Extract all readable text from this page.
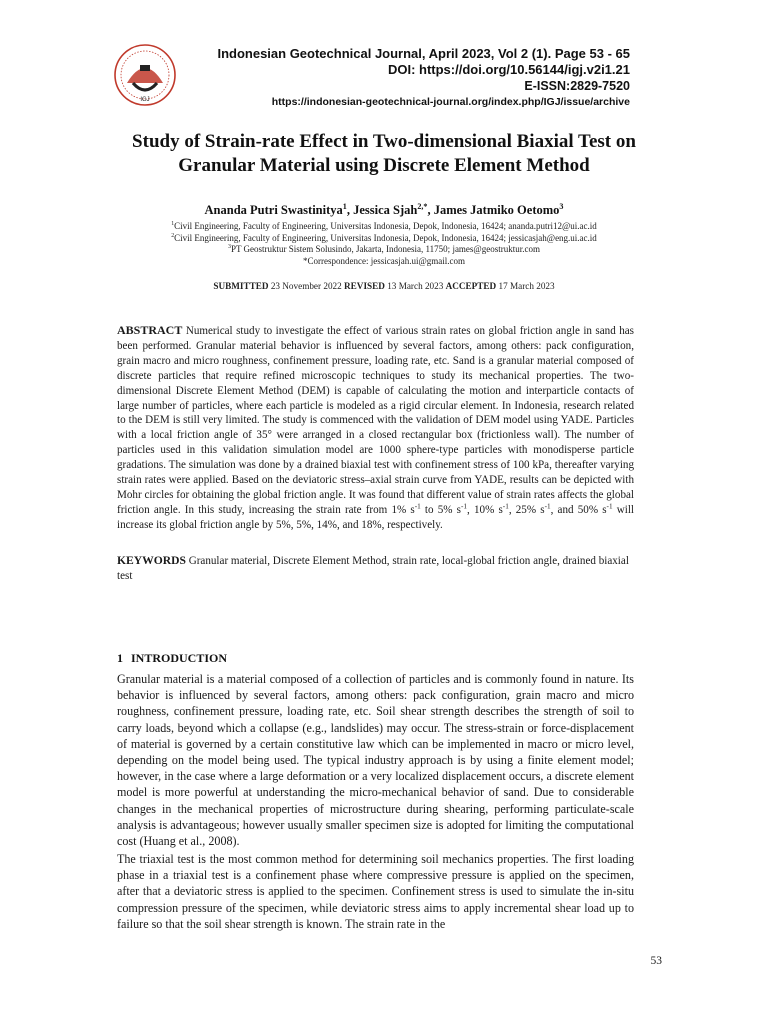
IGJ
Indonesian Geotechnical Journal, April 2023, Vol 2 (1). Page 53 - 65
DOI: https://doi.org/10.56144/igj.v2i1.21
E-ISSN:2829-7520
https://indonesian-geotechnical-journal.org/index.php/IGJ/issue/archive
Study of Strain-rate Effect in Two-dimensional Biaxial Test on
Granular Material using Discrete Element Method
Ananda Putri Swastinitya$^1$, Jessica Sjah$^{2,*}$, James Jatmiko Oetomo$^3$
$^1$Civil Engineering, Faculty of Engineering, Universitas Indonesia, Depok, Indonesia, 16424; ananda.putri12@ui.ac.id
$^2$Civil Engineering, Faculty of Engineering, Universitas Indonesia, Depok, Indonesia, 16424; jessicasjah@eng.ui.ac.id
$^3$PT Geostruktur Sistem Solusindo, Jakarta, Indonesia, 11750; james@geostruktur.com
*Correspondence: jessicasjah.ui@gmail.com
SUBMITTED 23 November 2022 REVISED 13 March 2023 ACCEPTED 17 March 2023
ABSTRACT Numerical study to investigate the effect of various strain rates on global friction angle in sand has been performed. Granular material behavior is influenced by several factors, among others: pack configuration, grain macro and micro roughness, confinement pressure, loading rate, etc. Sand is a granular material composed of discrete particles that require refined microscopic techniques to study its mechanical properties. The two-dimensional Discrete Element Method (DEM) is capable of calculating the motion and interparticle contacts of large number of particles, where each particle is modeled as a rigid circular element. In Indonesia, research related to the DEM is still very limited. The study is commenced with the validation of DEM model using YADE. Particles with a local friction angle of 35° were arranged in a closed rectangular box (frictionless wall). The number of particles used in this validation simulation model are 1000 sphere-type particles with monodisperse particle gradations. The simulation was done by a drained biaxial test with confinement stress of 100 kPa, thereafter varying strain rates were applied. Based on the deviatoric stress–axial strain curve from YADE, results can be depicted with Mohr circles for obtaining the global friction angle. It was found that different value of strain rates affects the global friction angle. In this study, increasing the strain rate from 1% $s^{-1}$ to 5% $s^{-1}$, 10% $s^{-1}$, 25% $s^{-1}$, and 50% $s^{-1}$ will increase its global friction angle by 5%, 5%, 14%, and 18%, respectively.
KEYWORDS Granular material, Discrete Element Method, strain rate, local-global friction angle, drained biaxial test
1 INTRODUCTION
Granular material is a material composed of a collection of particles and is commonly found in nature. Its behavior is influenced by several factors, among others: pack configuration, grain macro and micro roughness, confinement pressure, loading rate, etc. Soil shear strength describes the strength of soil to carry loads, beyond which a collapse (e.g., landslides) may occur. The stress-strain or force-displacement of material is governed by a certain constitutive law which can be implemented in macro or micro level, depending on the model being used. The typical industry approach is by using a finite element model; however, in the case where a large deformation or a very localized displacement occurs, a discrete element model is more powerful at understanding the micro-mechanical behavior of sand. Due to considerable changes in the mechanical properties of microstructure during shearing, performing particulate-scale analysis is advantageous; however usually smaller specimen size is adopted for limiting the computational cost (Huang et al., 2008).
The triaxial test is the most common method for determining soil mechanics properties. The first loading phase in a triaxial test is a confinement phase where compressive pressure is applied on the specimen, after that a deviatoric stress is applied to the specimen. Confinement stress is used to simulate the in-situ compression pressure of the specimen, while deviatoric stress aims to apply incremental shear load up to failure so that the soil shear strength is known. The strain rate in the
53
